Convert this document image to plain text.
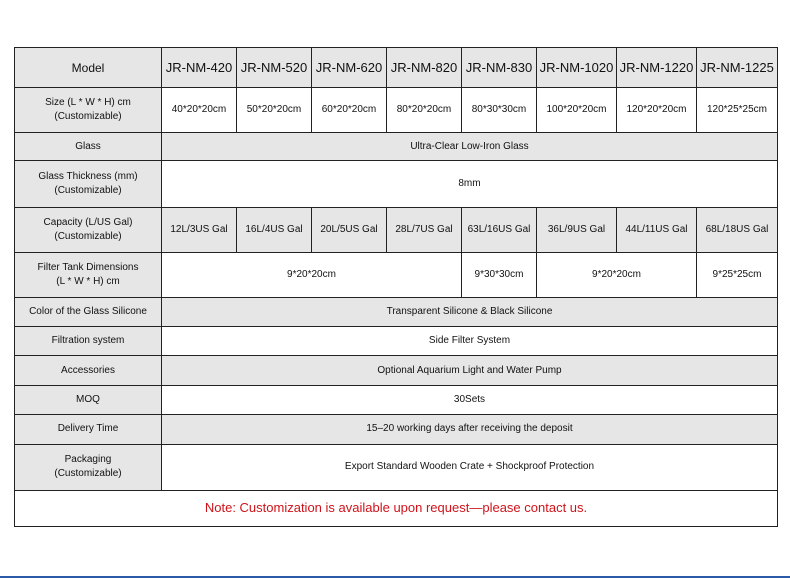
Model	JR-NM-420	JR-NM-520	JR-NM-620	JR-NM-820	JR-NM-830	JR-NM-1020	JR-NM-1220	JR-NM-1225

Size (L * W * H) cm
(Customizable)	40*20*20cm	50*20*20cm	60*20*20cm	80*20*20cm	80*30*30cm	100*20*20cm	120*20*20cm	120*25*25cm
Glass	Ultra-Clear Low-Iron Glass							

Glass Thickness (mm)
(Customizable)	8mm							

Capacity (L/US Gal)
(Customizable)	12L/3US Gal	16L/4US Gal	20L/5US Gal	28L/7US Gal	63L/16US Gal	36L/9US Gal	44L/11US Gal	68L/18US Gal

Filter Tank Dimensions
(L * W * H) cm	9*20*20cm				9*30*30cm	9*20*20cm		9*25*25cm
Color of the Glass Silicone	Transparent Silicone & Black Silicone							
Filtration system	Side Filter System							
Accessories	Optional Aquarium Light and Water Pump							
MOQ	30Sets							
Delivery Time	15–20 working days after receiving the deposit							

Packaging
(Customizable)	Export Standard Wooden Crate + Shockproof Protection							
Note: Customization is available upon request—please contact us.								
